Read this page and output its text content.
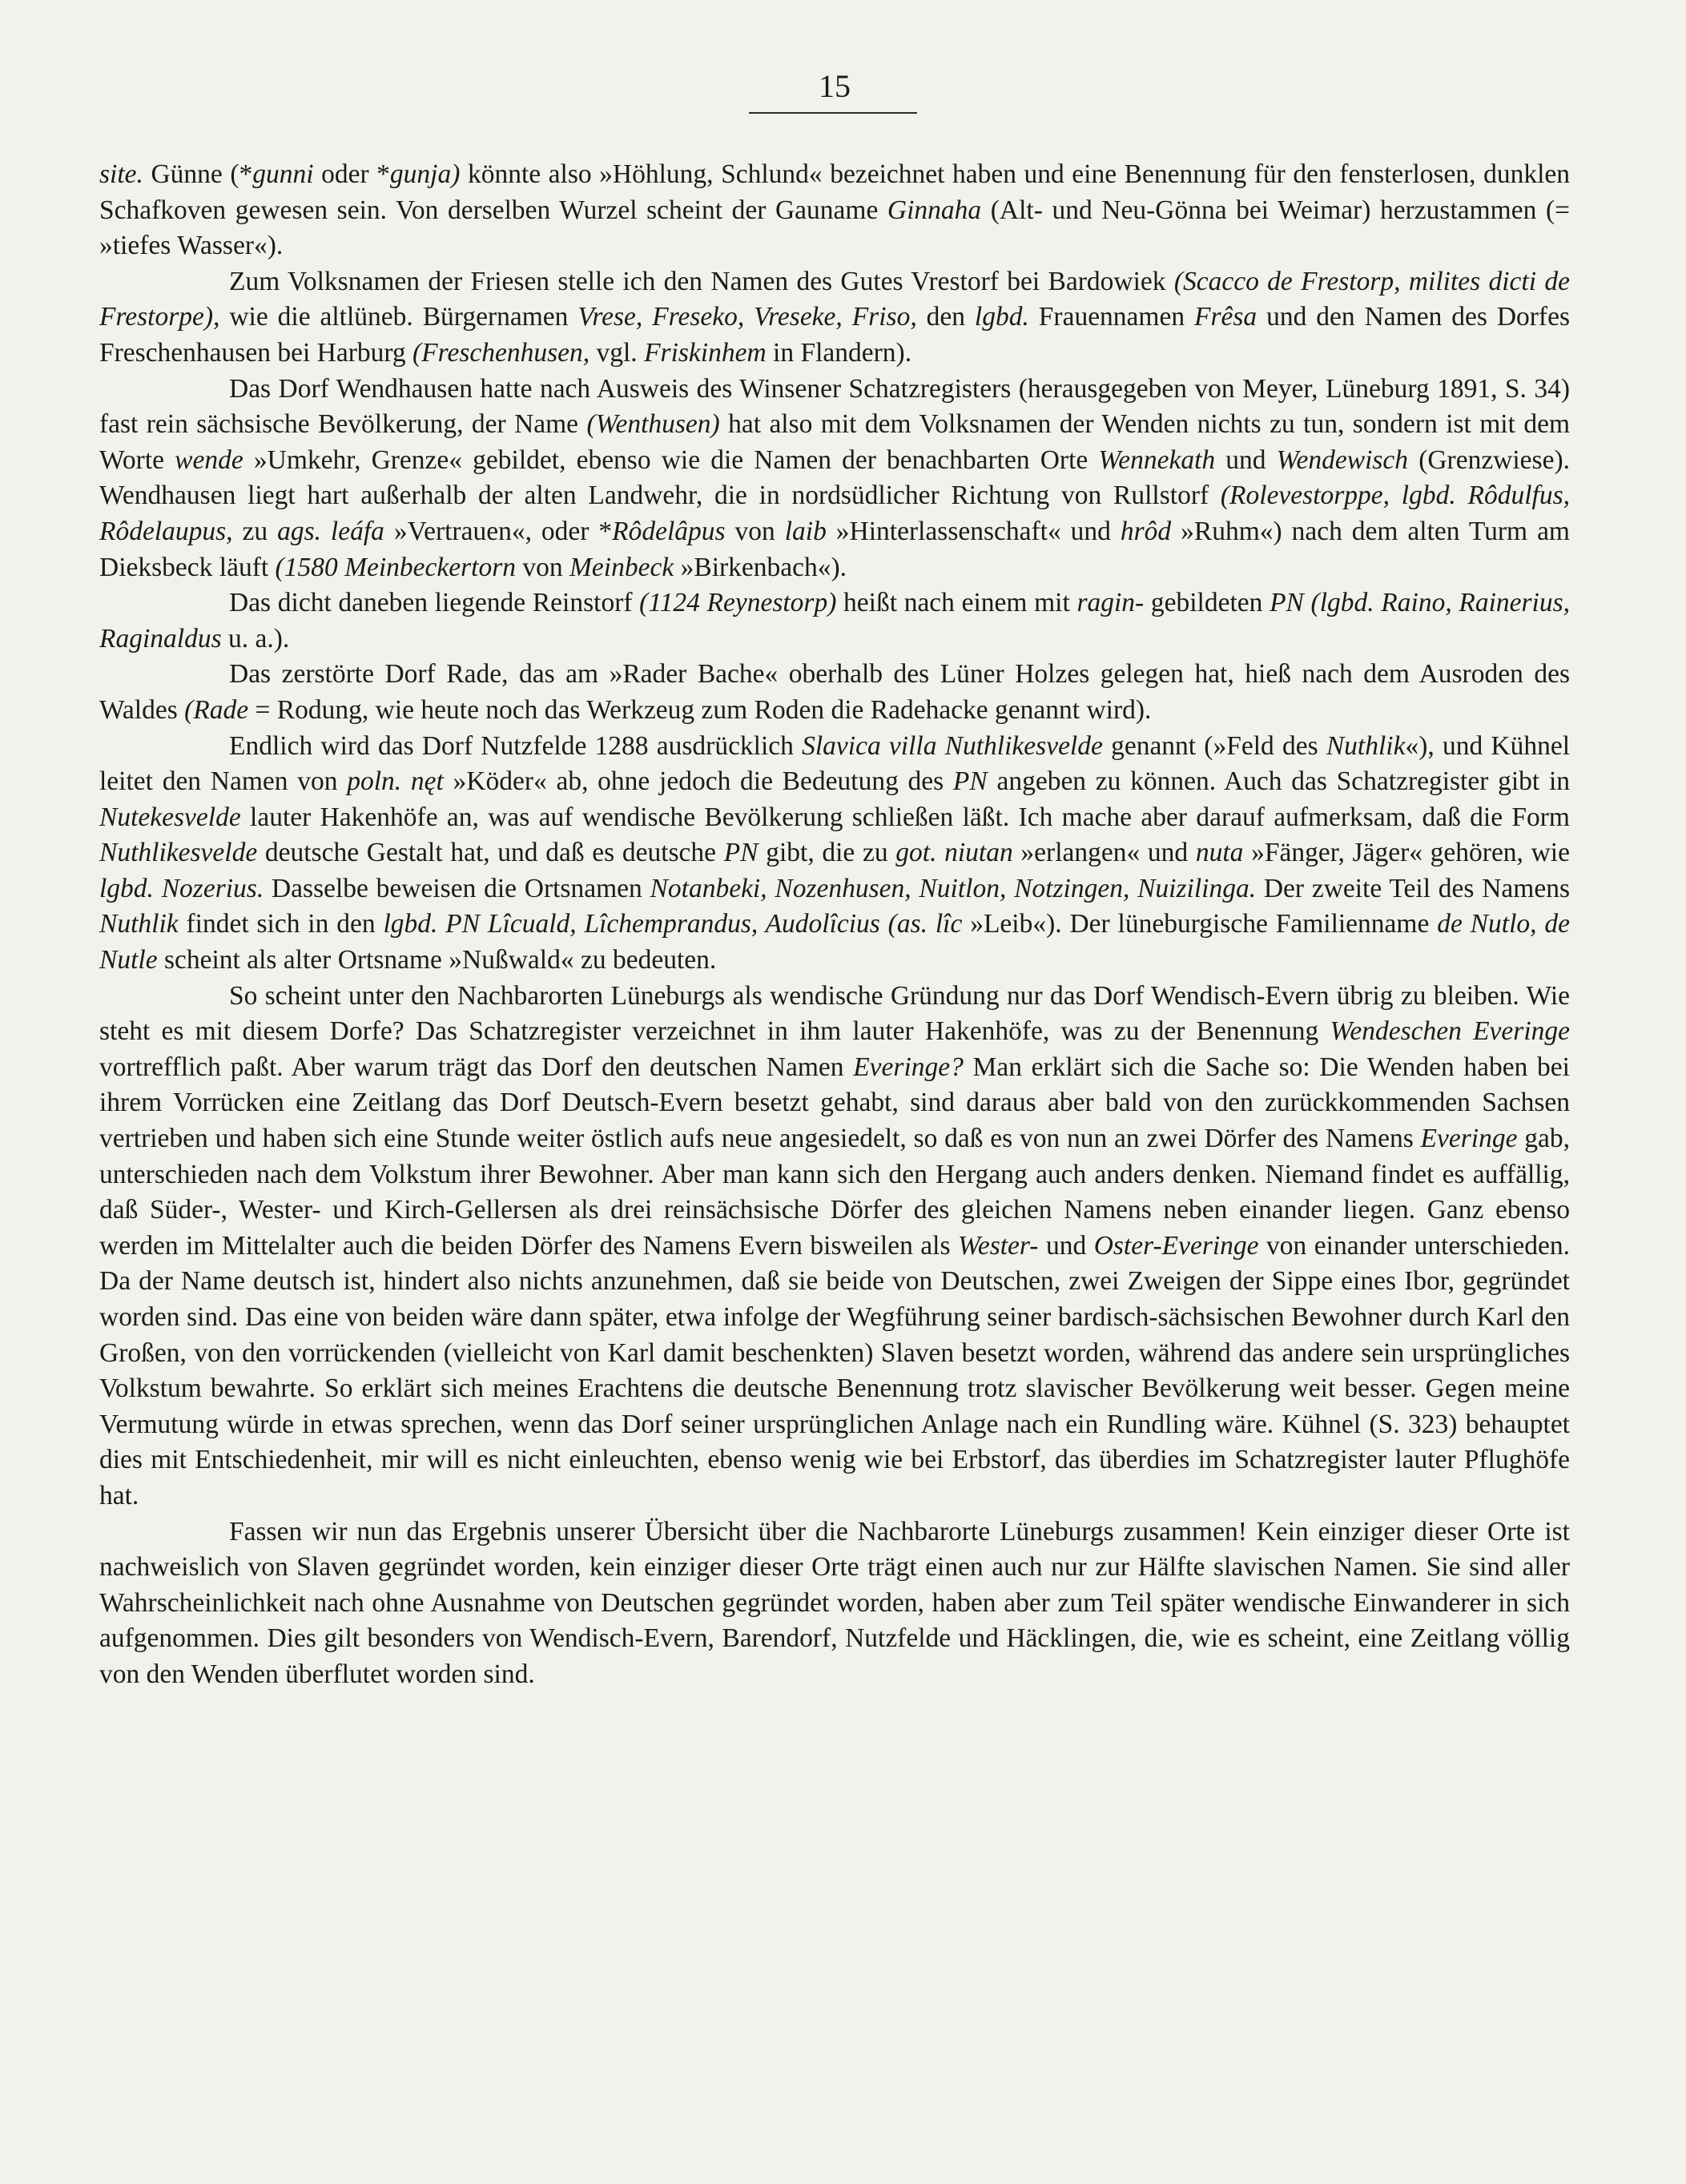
15

site. Günne (*gunni oder *gunja) könnte also »Höhlung, Schlund« bezeichnet haben und eine Benennung für den fensterlosen, dunklen Schafkoven gewesen sein. Von derselben Wurzel scheint der Gauname Ginnaha (Alt- und Neu-Gönna bei Weimar) herzustammen (= »tiefes Wasser«).

Zum Volksnamen der Friesen stelle ich den Namen des Gutes Vrestorf bei Bardowiek (Scacco de Frestorp, milites dicti de Frestorpe), wie die altlüneb. Bürgernamen Vrese, Freseko, Vreseke, Friso, den lgbd. Frauennamen Frêsa und den Namen des Dorfes Freschenhausen bei Harburg (Freschenhusen, vgl. Friskinhem in Flandern).

Das Dorf Wendhausen hatte nach Ausweis des Winsener Schatzregisters (herausgegeben von Meyer, Lüneburg 1891, S. 34) fast rein sächsische Bevölkerung, der Name (Wenthusen) hat also mit dem Volksnamen der Wenden nichts zu tun, sondern ist mit dem Worte wende »Umkehr, Grenze« gebildet, ebenso wie die Namen der benachbarten Orte Wennekath und Wendewisch (Grenzwiese). Wendhausen liegt hart außerhalb der alten Landwehr, die in nordsüdlicher Richtung von Rullstorf (Rolevestorppe, lgbd. Rôdulfus, Rôdelaupus, zu ags. leáfa »Vertrauen«, oder *Rôdelâpus von laib »Hinterlassenschaft« und hrôd »Ruhm«) nach dem alten Turm am Dieksbeck läuft (1580 Meinbeckertorn von Meinbeck »Birkenbach«).

Das dicht daneben liegende Reinstorf (1124 Reynestorp) heißt nach einem mit ragin- gebildeten PN (lgbd. Raino, Rainerius, Raginaldus u. a.).

Das zerstörte Dorf Rade, das am »Rader Bache« oberhalb des Lüner Holzes gelegen hat, hieß nach dem Ausroden des Waldes (Rade = Rodung, wie heute noch das Werkzeug zum Roden die Radehacke genannt wird).

Endlich wird das Dorf Nutzfelde 1288 ausdrücklich Slavica villa Nuthlikesvelde genannt (»Feld des Nuthlik«), und Kühnel leitet den Namen von poln. nęt »Köder« ab, ohne jedoch die Bedeutung des PN angeben zu können. Auch das Schatzregister gibt in Nutekesvelde lauter Hakenhöfe an, was auf wendische Bevölkerung schließen läßt. Ich mache aber darauf aufmerksam, daß die Form Nuthlikesvelde deutsche Gestalt hat, und daß es deutsche PN gibt, die zu got. niutan »erlangen« und nuta »Fänger, Jäger« gehören, wie lgbd. Nozerius. Dasselbe beweisen die Ortsnamen Notanbeki, Nozenhusen, Nuitlon, Notzingen, Nuizilinga. Der zweite Teil des Namens Nuthlik findet sich in den lgbd. PN Lîcuald, Lîchemprandus, Audolîcius (as. lîc »Leib«). Der lüneburgische Familienname de Nutlo, de Nutle scheint als alter Ortsname »Nußwald« zu bedeuten.

So scheint unter den Nachbarorten Lüneburgs als wendische Gründung nur das Dorf Wendisch-Evern übrig zu bleiben. Wie steht es mit diesem Dorfe? Das Schatzregister verzeichnet in ihm lauter Hakenhöfe, was zu der Benennung Wendeschen Everinge vortrefflich paßt. Aber warum trägt das Dorf den deutschen Namen Everinge? Man erklärt sich die Sache so: Die Wenden haben bei ihrem Vorrücken eine Zeitlang das Dorf Deutsch-Evern besetzt gehabt, sind daraus aber bald von den zurückkommenden Sachsen vertrieben und haben sich eine Stunde weiter östlich aufs neue angesiedelt, so daß es von nun an zwei Dörfer des Namens Everinge gab, unterschieden nach dem Volkstum ihrer Bewohner. Aber man kann sich den Hergang auch anders denken. Niemand findet es auffällig, daß Süder-, Wester- und Kirch-Gellersen als drei reinsächsische Dörfer des gleichen Namens neben einander liegen. Ganz ebenso werden im Mittelalter auch die beiden Dörfer des Namens Evern bisweilen als Wester- und Oster-Everinge von einander unterschieden. Da der Name deutsch ist, hindert also nichts anzunehmen, daß sie beide von Deutschen, zwei Zweigen der Sippe eines Ibor, gegründet worden sind. Das eine von beiden wäre dann später, etwa infolge der Wegführung seiner bardisch-sächsischen Bewohner durch Karl den Großen, von den vorrückenden (vielleicht von Karl damit beschenkten) Slaven besetzt worden, während das andere sein ursprüngliches Volkstum bewahrte. So erklärt sich meines Erachtens die deutsche Benennung trotz slavischer Bevölkerung weit besser. Gegen meine Vermutung würde in etwas sprechen, wenn das Dorf seiner ursprünglichen Anlage nach ein Rundling wäre. Kühnel (S. 323) behauptet dies mit Entschiedenheit, mir will es nicht einleuchten, ebenso wenig wie bei Erbstorf, das überdies im Schatzregister lauter Pflughöfe hat.

Fassen wir nun das Ergebnis unserer Übersicht über die Nachbarorte Lüneburgs zusammen! Kein einziger dieser Orte ist nachweislich von Slaven gegründet worden, kein einziger dieser Orte trägt einen auch nur zur Hälfte slavischen Namen. Sie sind aller Wahrscheinlichkeit nach ohne Ausnahme von Deutschen gegründet worden, haben aber zum Teil später wendische Einwanderer in sich aufgenommen. Dies gilt besonders von Wendisch-Evern, Barendorf, Nutzfelde und Häcklingen, die, wie es scheint, eine Zeitlang völlig von den Wenden überflutet worden sind.
